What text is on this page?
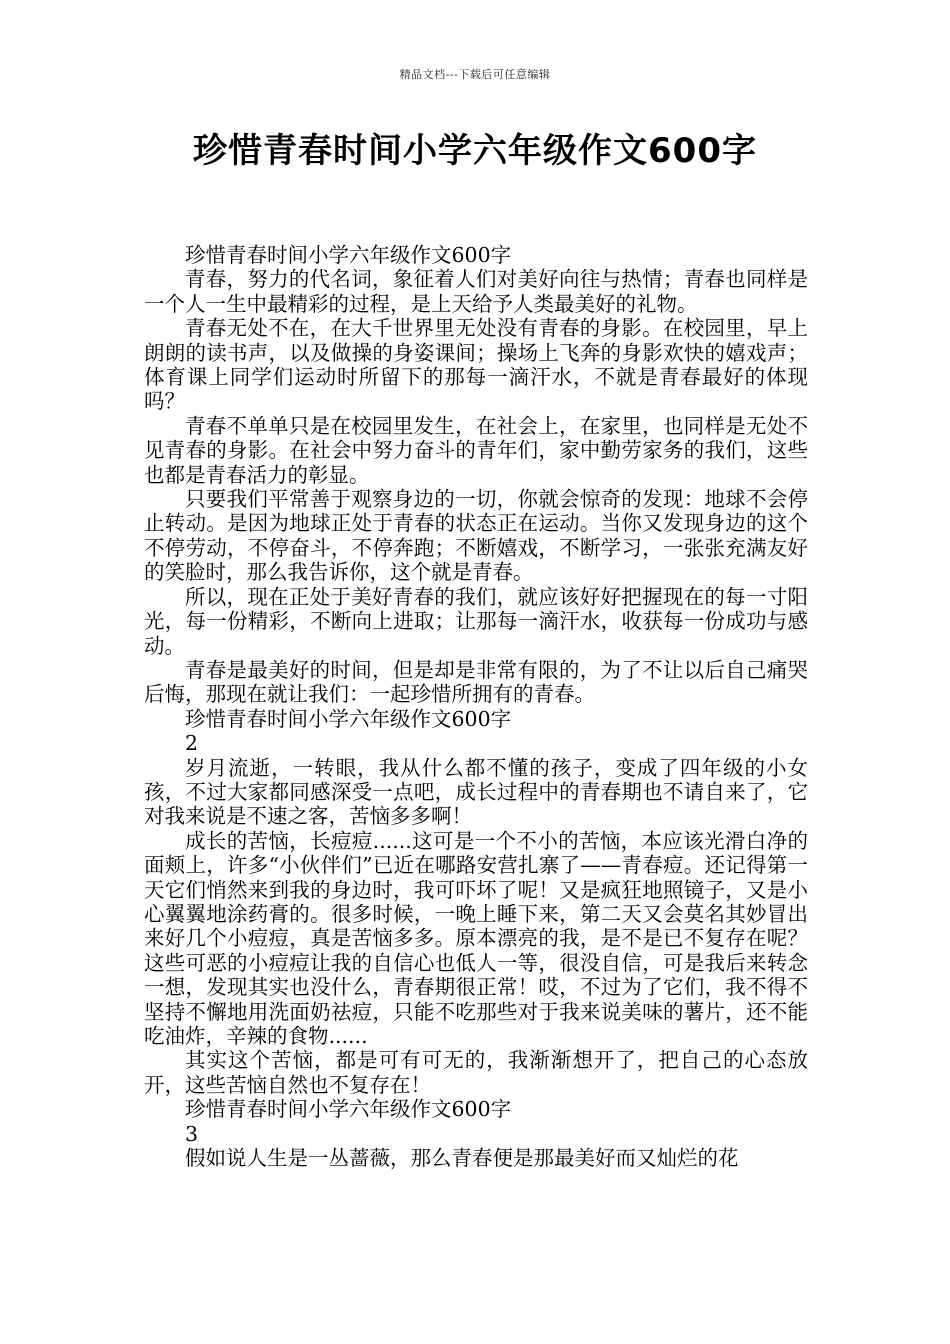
精品文档---下载后可任意编辑
珍惜青春时间小学六年级作文600字

珍惜青春时间小学六年级作文600字

青春，努力的代名词，象征着人们对美好向往与热情；青春也同样是一个人一生中最精彩的过程，是上天给予人类最美好的礼物。

青春无处不在，在大千世界里无处没有青春的身影。在校园里，早上朗朗的读书声，以及做操的身姿课间；操场上飞奔的身影欢快的嬉戏声；体育课上同学们运动时所留下的那每一滴汗水，不就是青春最好的体现吗？

青春不单单只是在校园里发生，在社会上，在家里，也同样是无处不见青春的身影。在社会中努力奋斗的青年们，家中勤劳家务的我们，这些也都是青春活力的彰显。

只要我们平常善于观察身边的一切，你就会惊奇的发现：地球不会停止转动。是因为地球正处于青春的状态正在运动。当你又发现身边的这个不停劳动，不停奋斗，不停奔跑；不断嬉戏，不断学习，一张张充满友好的笑脸时，那么我告诉你，这个就是青春。

所以，现在正处于美好青春的我们，就应该好好把握现在的每一寸阳光，每一份精彩，不断向上进取；让那每一滴汗水，收获每一份成功与感动。

青春是最美好的时间，但是却是非常有限的，为了不让以后自己痛哭后悔，那现在就让我们：一起珍惜所拥有的青春。

珍惜青春时间小学六年级作文600字

2

岁月流逝，一转眼，我从什么都不懂的孩子，变成了四年级的小女孩，不过大家都同感深受一点吧，成长过程中的青春期也不请自来了，它对我来说是不速之客，苦恼多多啊！

成长的苦恼，长痘痘......这可是一个不小的苦恼，本应该光滑白净的面颊上，许多“小伙伴们”已近在哪路安营扎寨了——青春痘。还记得第一天它们悄然来到我的身边时，我可吓坏了呢！又是疯狂地照镜子，又是小心翼翼地涂药膏的。很多时候，一晚上睡下来，第二天又会莫名其妙冒出来好几个小痘痘，真是苦恼多多。原本漂亮的我，是不是已不复存在呢？这些可恶的小痘痘让我的自信心也低人一等，很没自信，可是我后来转念一想，发现其实也没什么，青春期很正常！哎，不过为了它们，我不得不坚持不懈地用洗面奶祛痘，只能不吃那些对于我来说美味的薯片，还不能吃油炸，辛辣的食物......

其实这个苦恼，都是可有可无的，我渐渐想开了，把自己的心态放开，这些苦恼自然也不复存在！

珍惜青春时间小学六年级作文600字

3

假如说人生是一丛蔷薇，那么青春便是那最美好而又灿烂的花
